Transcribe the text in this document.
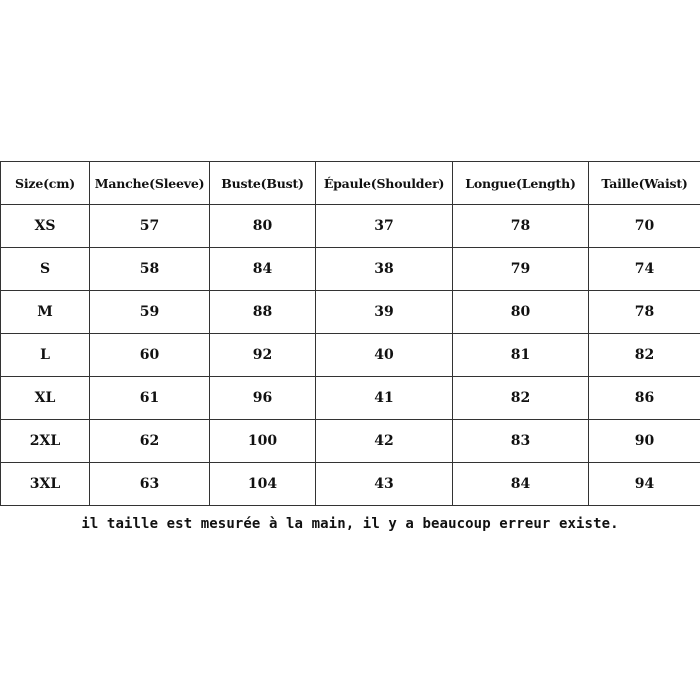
Size(cm)	Manche(Sleeve)	Buste(Bust)	Épaule(Shoulder)	Longue(Length)	Taille(Waist)
XS	57	80	37	78	70
S	58	84	38	79	74
M	59	88	39	80	78
L	60	92	40	81	82
XL	61	96	41	82	86
2XL	62	100	42	83	90
3XL	63	104	43	84	94
il taille est mesurée à la main, il y a beaucoup erreur existe.
